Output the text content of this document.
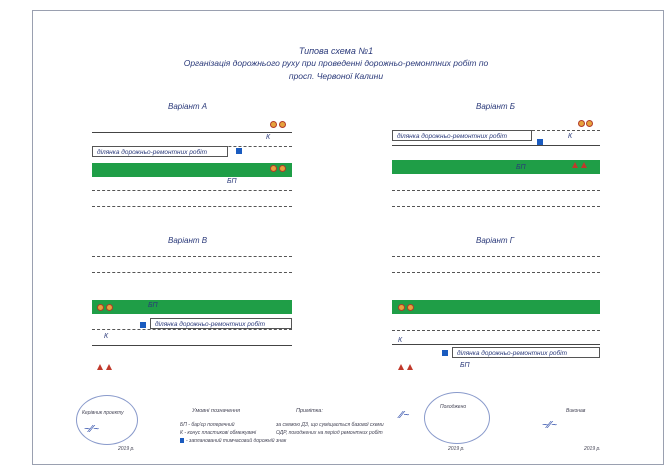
Типова схема №1
Організація дорожнього руху при проведенні дорожньо-ремонтних робіт по
просп. Червоної Калини
Варіант А
ділянка дорожньо-ремонтних робіт
БП
К
Варіант Б
ділянка дорожньо-ремонтних робіт
БП
К
Варіант В
ділянка дорожньо-ремонтних робіт
БП
К
Варіант Г
ділянка дорожньо-ремонтних робіт
БП
К
Керівник проекту
2019 р.
~⁄⁄~
Умовні позначення
БП - бар'єр поперечний
К - конус пластикові обмежувачі
- запланований тимчасовий дорожній знак
Примітка:
за схемою ДЗ, що суміщається базової схеми
ОДР, погоджених на період ремонтних робіт
Погоджено
2019 р.
⁄⁄~	Виконав
2019 р.
~⁄⁄~
